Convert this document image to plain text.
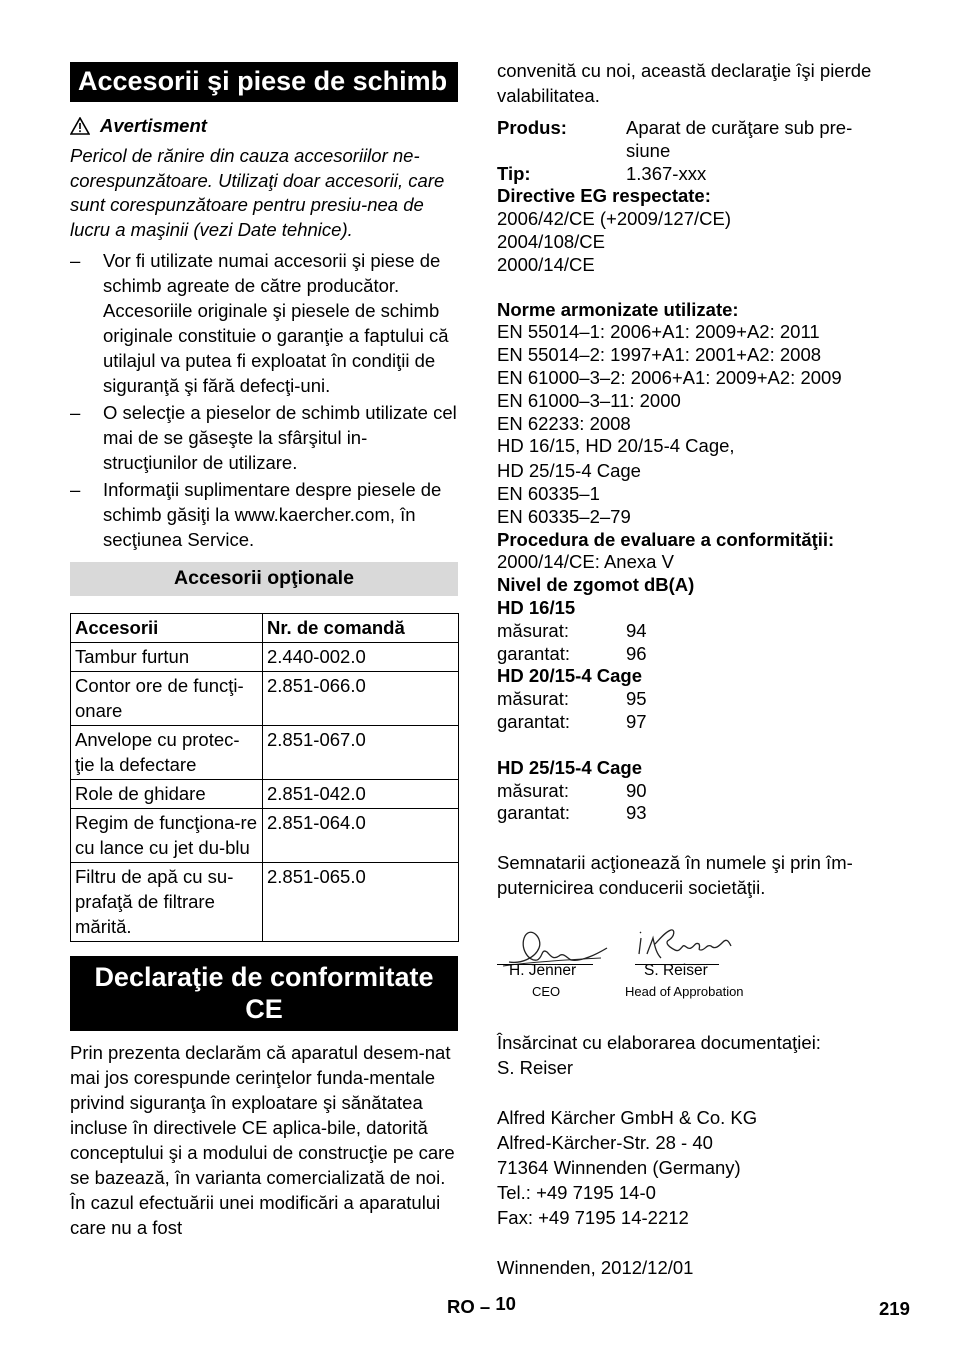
Accesorii şi piese de schimb
Avertisment
Pericol de rănire din cauza accesoriilor ne-corespunzătoare. Utilizaţi doar accesorii, care sunt corespunzătoare pentru presiu-nea de lucru a maşinii (vezi Date tehnice).
–	Vor fi utilizate numai accesorii şi piese de schimb agreate de către producător. Accesoriile originale şi piesele de schimb originale constituie o garanţie a faptului că utilajul va putea fi exploatat în condiţii de siguranţă şi fără defecţi-uni.
–	O selecţie a pieselor de schimb utilizate cel mai de se găseşte la sfârşitul in-strucţiunilor de utilizare.
–	Informaţii suplimentare despre piesele de schimb găsiţi la www.kaercher.com, în secţiunea Service.
Accesorii opţionale
Accesorii	Nr. de comandă
Tambur furtun	2.440-002.0
Contor ore de funcţi-onare	2.851-066.0
Anvelope cu protec-ţie la defectare	2.851-067.0
Role de ghidare	2.851-042.0
Regim de funcţiona-re cu lance cu jet du-blu	2.851-064.0
Filtru de apă cu su-prafaţă de filtrare mărită.	2.851-065.0
Declaraţie de conformitate
CE

Prin prezenta declarăm că aparatul desem-nat mai jos corespunde cerinţelor funda-mentale privind siguranţa în exploatare şi sănătatea incluse în directivele CE aplica-bile, datorită conceptului şi a modului de construcţie pe care se bazează, în varianta comercializată de noi. În cazul efectuării unei modificări a aparatului care nu a fost

convenită cu noi, această declaraţie îşi pierde valabilitatea.

Produs:	Aparat de curăţare sub pre-
siune
Tip:	1.367-xxx
Directive EG respectate:
2006/42/CE (+2009/127/CE)
2004/108/CE
2000/14/CE
Norme armonizate utilizate:
EN 55014–1: 2006+A1: 2009+A2: 2011
EN 55014–2: 1997+A1: 2001+A2: 2008
EN 61000–3–2: 2006+A1: 2009+A2: 2009
EN 61000–3–11: 2000
EN 62233: 2008
HD 16/15, HD 20/15-4 Cage,
HD 25/15-4 Cage
EN 60335–1
EN 60335–2–79
Procedura de evaluare a conformităţii:
2000/14/CE: Anexa V
Nivel de zgomot dB(A)
HD 16/15
măsurat:	94
garantat:	96
HD 20/15-4 Cage
măsurat:	95
garantat:	97
HD 25/15-4 Cage
măsurat:	90
garantat:	93

Semnatarii acţionează în numele şi prin îm-puternicirea conducerii societăţii.

H. Jenner
CEO
S. Reiser
Head of Approbation

Însărcinat cu elaborarea documentaţiei:

S. Reiser

Alfred Kärcher GmbH & Co. KG

Alfred-Kärcher-Str. 28 - 40

71364 Winnenden (Germany)

Tel.: +49 7195 14-0

Fax: +49 7195 14-2212

Winnenden, 2012/12/01

RO – 10	219
